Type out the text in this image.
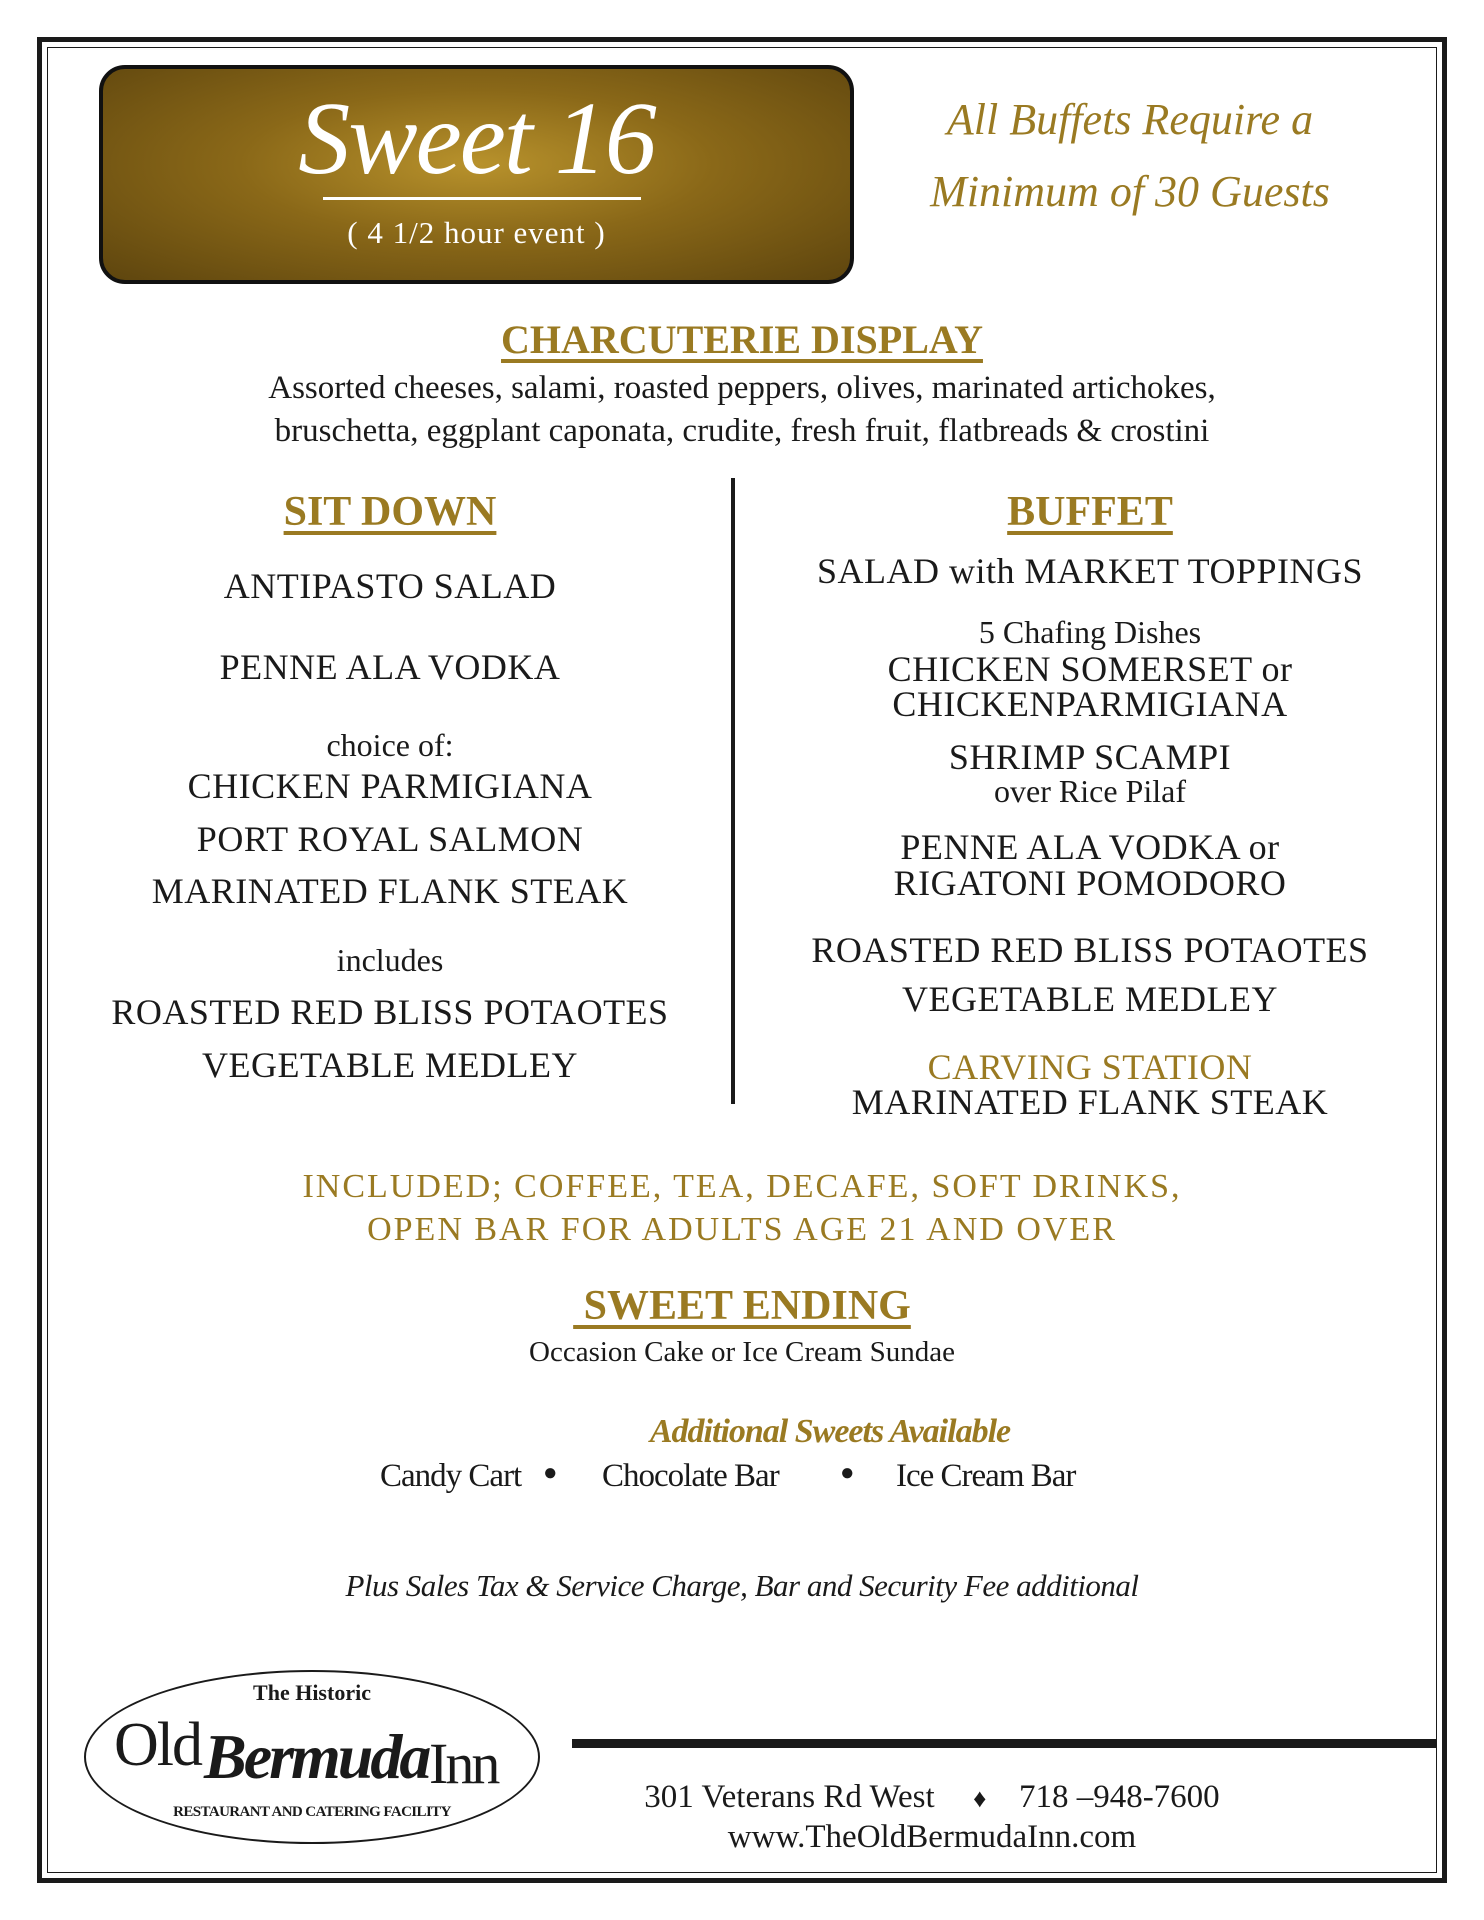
Sweet 16
( 4 1/2 hour event )
All Buffets Require a
Minimum of 30 Guests
CHARCUTERIE DISPLAY
Assorted cheeses, salami, roasted peppers, olives, marinated artichokes,
bruschetta, eggplant caponata, crudite, fresh fruit, flatbreads & crostini
SIT DOWN
ANTIPASTO SALAD
PENNE ALA VODKA
choice of:
CHICKEN PARMIGIANA
PORT ROYAL SALMON
MARINATED FLANK STEAK
includes
ROASTED RED BLISS POTAOTES
VEGETABLE MEDLEY
BUFFET
SALAD with MARKET TOPPINGS
5 Chafing Dishes
CHICKEN SOMERSET or
CHICKENPARMIGIANA
SHRIMP SCAMPI
over Rice Pilaf
PENNE ALA VODKA or
RIGATONI POMODORO
ROASTED RED BLISS POTAOTES
VEGETABLE MEDLEY
CARVING STATION
MARINATED FLANK STEAK
INCLUDED; COFFEE, TEA, DECAFE, SOFT DRINKS,
OPEN BAR FOR ADULTS AGE 21 AND OVER
SWEET ENDING
Occasion Cake or Ice Cream Sundae
Additional Sweets Available
Candy Cart ● Chocolate Bar	● Ice Cream Bar
Plus Sales Tax & Service Charge, Bar and Security Fee additional
The Historic
Old Bermuda Inn
RESTAURANT AND CATERING FACILITY	301 Veterans Rd West ♦ 718 –948-7600
www.TheOldBermudaInn.com
